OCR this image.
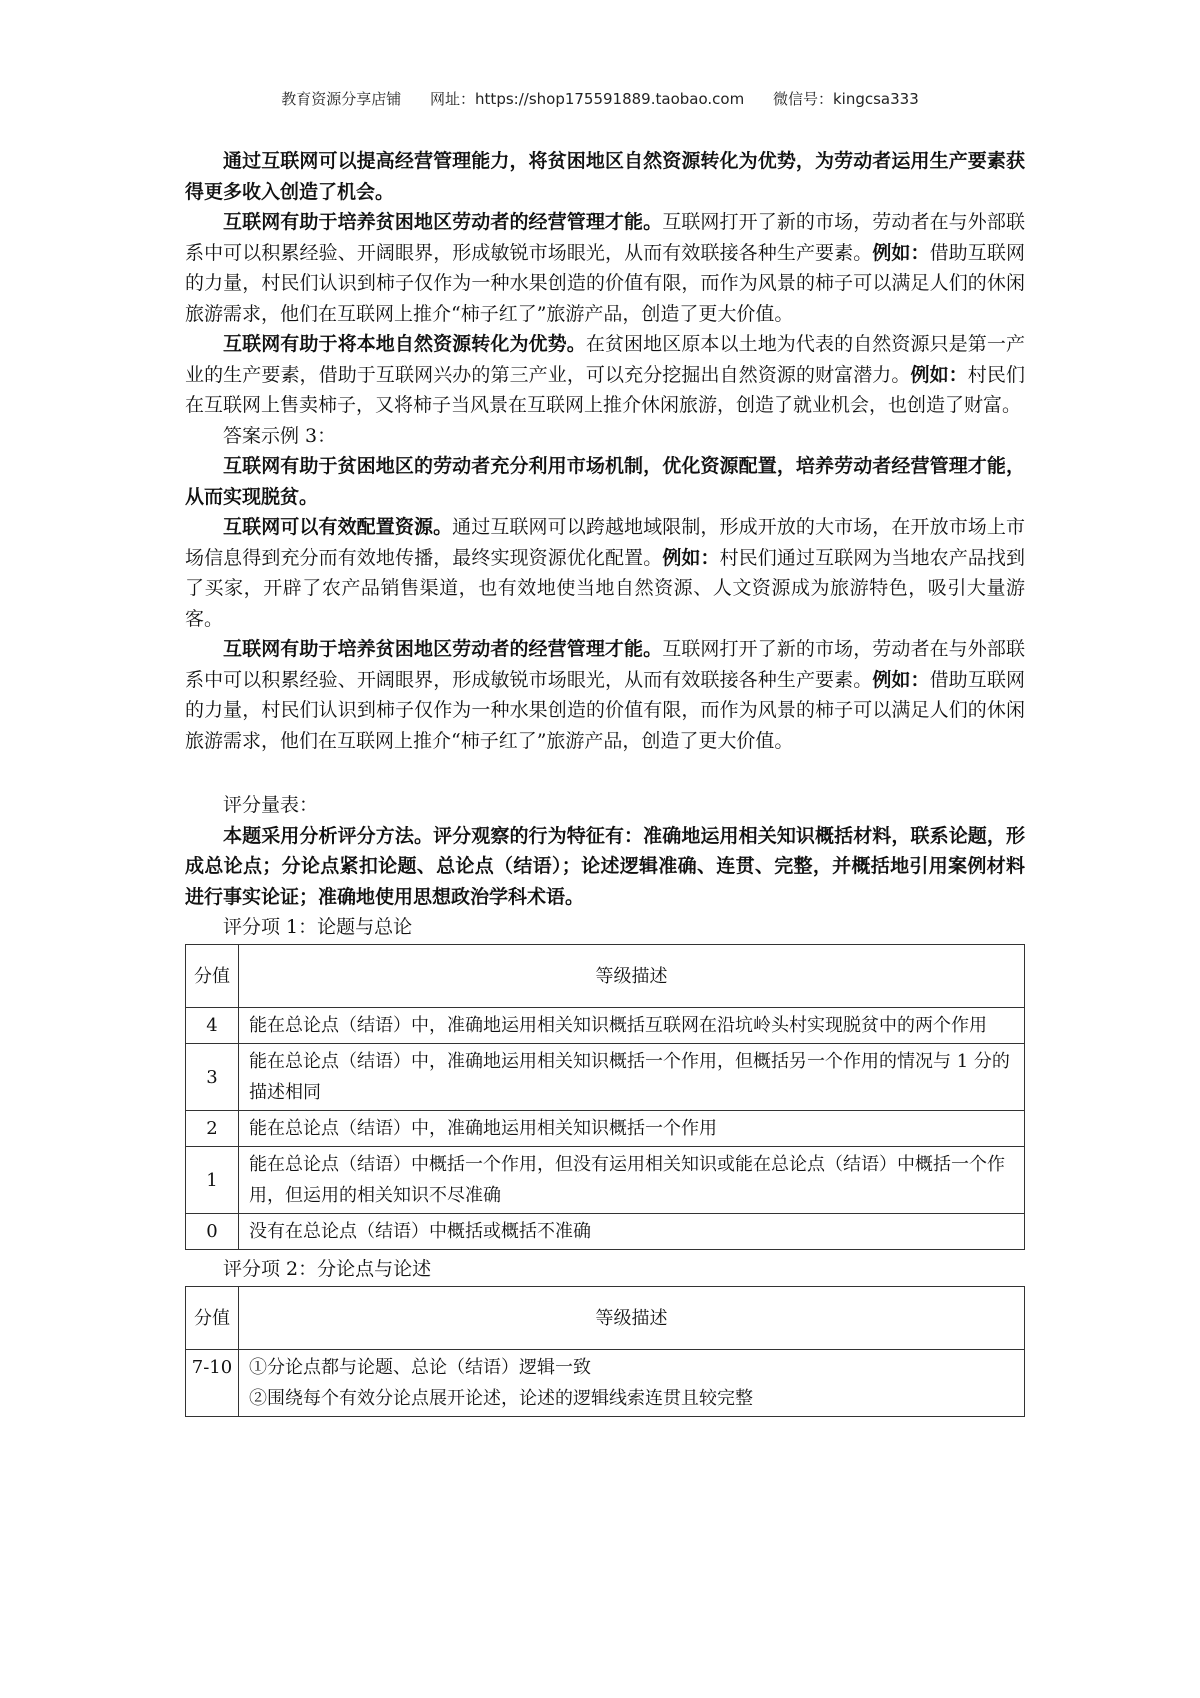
教育资源分享店铺 网址：https://shop175591889.taobao.com 微信号：kingcsa333

通过互联网可以提高经营管理能力，将贫困地区自然资源转化为优势，为劳动者运用生产要素获得更多收入创造了机会。

互联网有助于培养贫困地区劳动者的经营管理才能。互联网打开了新的市场，劳动者在与外部联系中可以积累经验、开阔眼界，形成敏锐市场眼光，从而有效联接各种生产要素。例如：借助互联网的力量，村民们认识到柿子仅作为一种水果创造的价值有限，而作为风景的柿子可以满足人们的休闲旅游需求，他们在互联网上推介“柿子红了”旅游产品，创造了更大价值。

互联网有助于将本地自然资源转化为优势。在贫困地区原本以土地为代表的自然资源只是第一产业的生产要素，借助于互联网兴办的第三产业，可以充分挖掘出自然资源的财富潜力。例如：村民们在互联网上售卖柿子，又将柿子当风景在互联网上推介休闲旅游，创造了就业机会，也创造了财富。

答案示例 3：

互联网有助于贫困地区的劳动者充分利用市场机制，优化资源配置，培养劳动者经营管理才能，从而实现脱贫。

互联网可以有效配置资源。通过互联网可以跨越地域限制，形成开放的大市场，在开放市场上市场信息得到充分而有效地传播，最终实现资源优化配置。例如：村民们通过互联网为当地农产品找到了买家，开辟了农产品销售渠道，也有效地使当地自然资源、人文资源成为旅游特色，吸引大量游客。

互联网有助于培养贫困地区劳动者的经营管理才能。互联网打开了新的市场，劳动者在与外部联系中可以积累经验、开阔眼界，形成敏锐市场眼光，从而有效联接各种生产要素。例如：借助互联网的力量，村民们认识到柿子仅作为一种水果创造的价值有限，而作为风景的柿子可以满足人们的休闲旅游需求，他们在互联网上推介“柿子红了”旅游产品，创造了更大价值。

评分量表：

本题采用分析评分方法。评分观察的行为特征有：准确地运用相关知识概括材料，联系论题，形成总论点；分论点紧扣论题、总论点（结语）；论述逻辑准确、连贯、完整，并概括地引用案例材料进行事实论证；准确地使用思想政治学科术语。

评分项 1：论题与总论

分值	等级描述
4	能在总论点（结语）中，准确地运用相关知识概括互联网在沿坑岭头村实现脱贫中的两个作用
3	能在总论点（结语）中，准确地运用相关知识概括一个作用，但概括另一个作用的情况与 1 分的描述相同
2	能在总论点（结语）中，准确地运用相关知识概括一个作用
1	能在总论点（结语）中概括一个作用，但没有运用相关知识或能在总论点（结语）中概括一个作用，但运用的相关知识不尽准确
0	没有在总论点（结语）中概括或概括不准确

评分项 2：分论点与论述

分值	等级描述
7-10	①分论点都与论题、总论（结语）逻辑一致
②围绕每个有效分论点展开论述，论述的逻辑线索连贯且较完整
